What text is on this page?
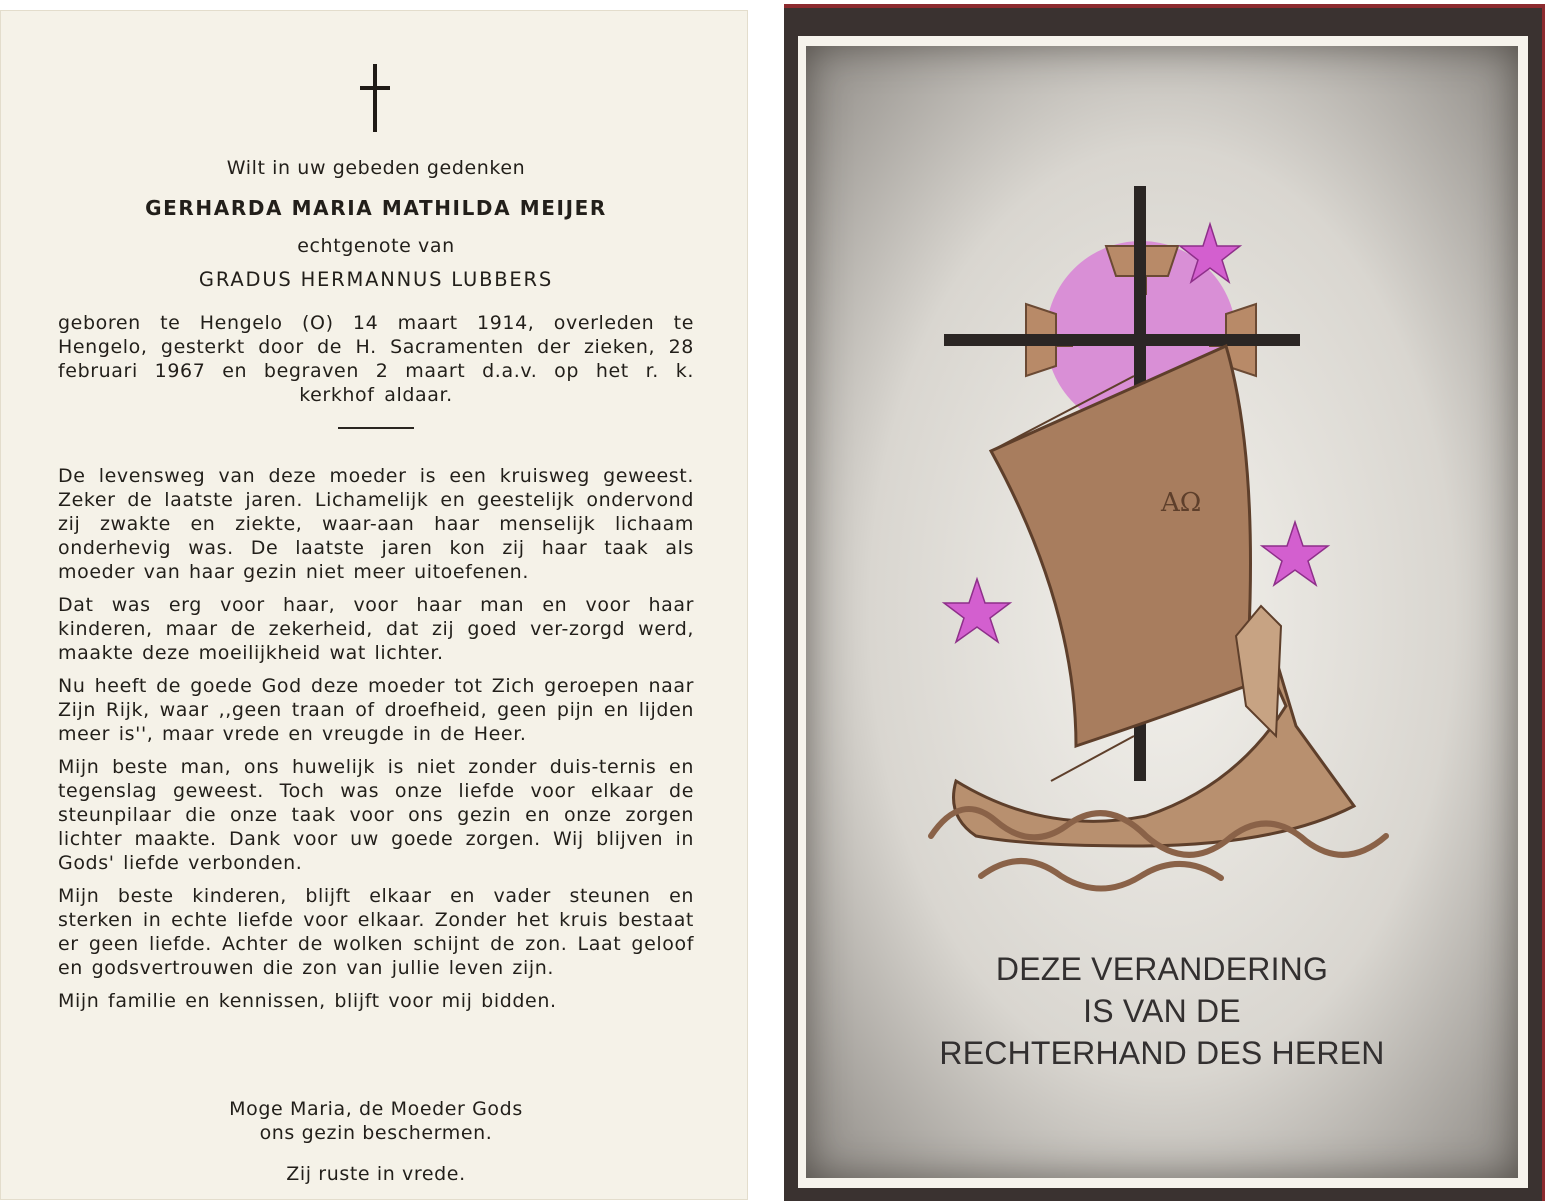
Wilt in uw gebeden gedenken
GERHARDA MARIA MATHILDA MEIJER
echtgenote van
GRADUS HERMANNUS LUBBERS
geboren te Hengelo (O) 14 maart 1914, overleden te Hengelo, gesterkt door de H. Sacramenten der zieken, 28 februari 1967 en begraven 2 maart d.a.v. op het r. k. kerkhof aldaar.

De levensweg van deze moeder is een kruisweg geweest. Zeker de laatste jaren. Lichamelijk en geestelijk ondervond zij zwakte en ziekte, waar-aan haar menselijk lichaam onderhevig was. De laatste jaren kon zij haar taak als moeder van haar gezin niet meer uitoefenen.

Dat was erg voor haar, voor haar man en voor haar kinderen, maar de zekerheid, dat zij goed ver-zorgd werd, maakte deze moeilijkheid wat lichter.

Nu heeft de goede God deze moeder tot Zich geroepen naar Zijn Rijk, waar ,,geen traan of droefheid, geen pijn en lijden meer is'', maar vrede en vreugde in de Heer.

Mijn beste man, ons huwelijk is niet zonder duis-ternis en tegenslag geweest. Toch was onze liefde voor elkaar de steunpilaar die onze taak voor ons gezin en onze zorgen lichter maakte. Dank voor uw goede zorgen. Wij blijven in Gods' liefde verbonden.

Mijn beste kinderen, blijft elkaar en vader steunen en sterken in echte liefde voor elkaar. Zonder het kruis bestaat er geen liefde. Achter de wolken schijnt de zon. Laat geloof en godsvertrouwen die zon van jullie leven zijn.

Mijn familie en kennissen, blijft voor mij bidden.

Moge Maria, de Moeder Gods
ons gezin beschermen.
Zij ruste in vrede.
AΩ
DEZE VERANDERING
IS VAN DE
RECHTERHAND DES HEREN
